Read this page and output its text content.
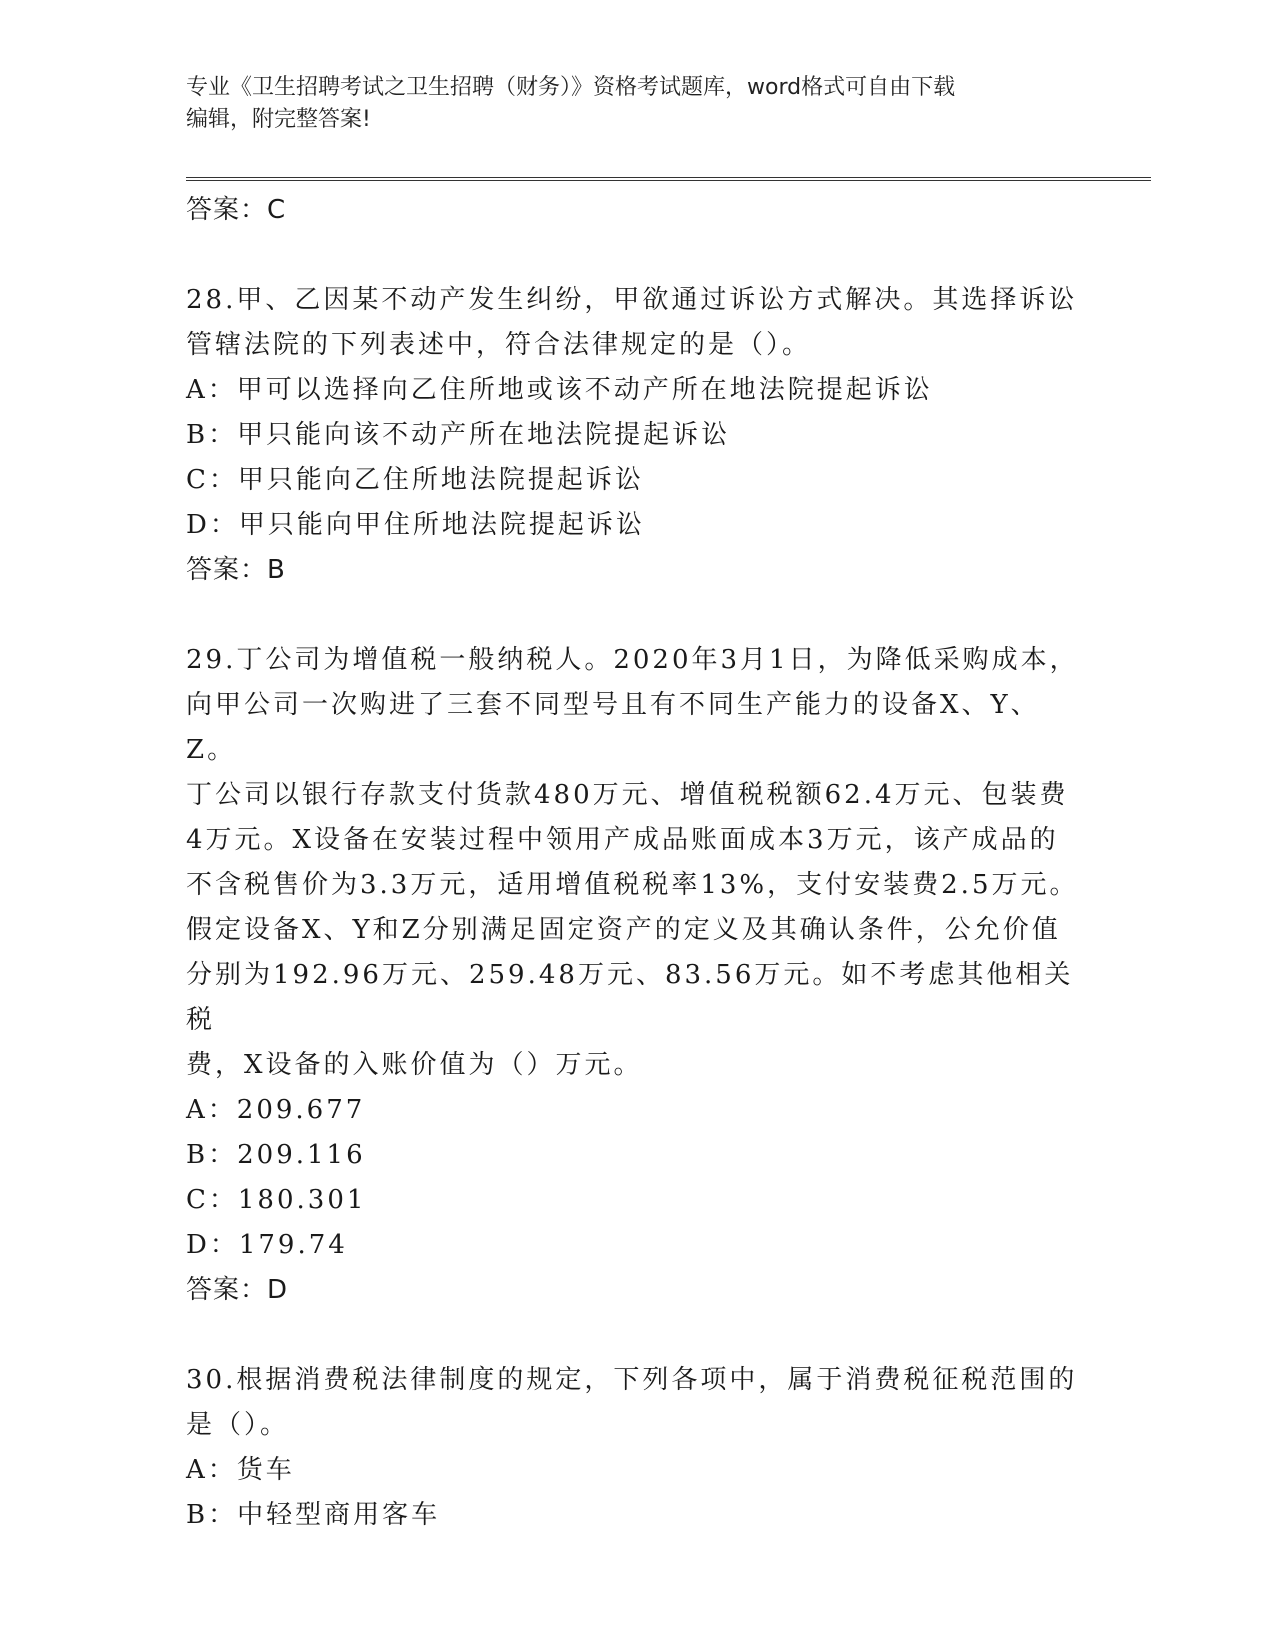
专业《卫生招聘考试之卫生招聘（财务）》资格考试题库，word格式可自由下载
编辑，附完整答案!
答案：C
28.甲、乙因某不动产发生纠纷，甲欲通过诉讼方式解决。其选择诉讼
管辖法院的下列表述中，符合法律规定的是（）。
A：甲可以选择向乙住所地或该不动产所在地法院提起诉讼
B：甲只能向该不动产所在地法院提起诉讼
C：甲只能向乙住所地法院提起诉讼
D：甲只能向甲住所地法院提起诉讼
答案：B
29.丁公司为增值税一般纳税人。2020年3月1日，为降低采购成本，
向甲公司一次购进了三套不同型号且有不同生产能力的设备X、Y、Z。
丁公司以银行存款支付货款480万元、增值税税额62.4万元、包装费
4万元。X设备在安装过程中领用产成品账面成本3万元，该产成品的
不含税售价为3.3万元，适用增值税税率13%，支付安装费2.5万元。
假定设备X、Y和Z分别满足固定资产的定义及其确认条件，公允价值
分别为192.96万元、259.48万元、83.56万元。如不考虑其他相关税
费，X设备的入账价值为（）万元。
A：209.677
B：209.116
C：180.301
D：179.74
答案：D
30.根据消费税法律制度的规定，下列各项中，属于消费税征税范围的
是（）。
A：货车
B：中轻型商用客车
